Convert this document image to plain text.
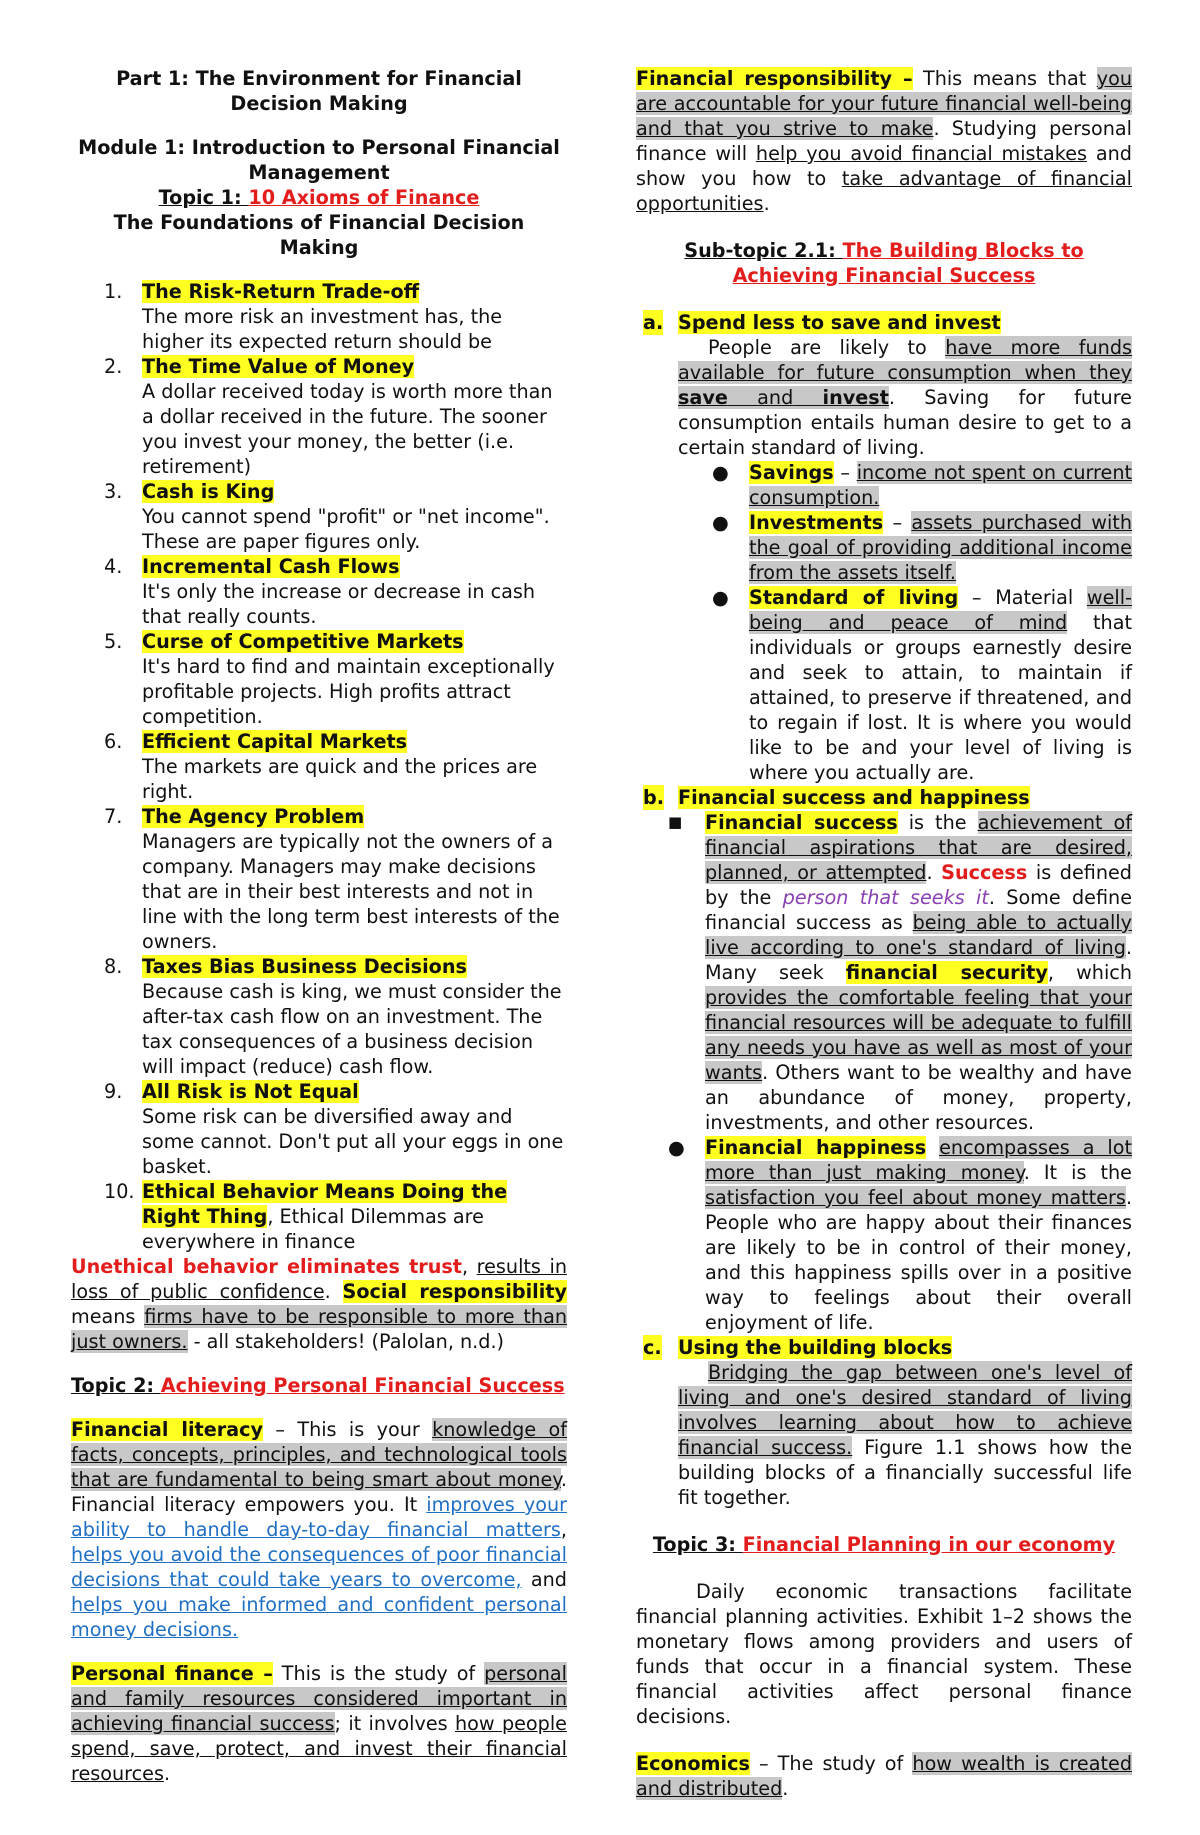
Part 1: The Environment for Financial Decision Making
Module 1: Introduction to Personal Financial Management
Topic 1: 10 Axioms of Finance
The Foundations of Financial Decision Making
1. The Risk-Return Trade-off
The more risk an investment has, the higher its expected return should be
2. The Time Value of Money
A dollar received today is worth more than a dollar received in the future. The sooner you invest your money, the better (i.e. retirement)
3. Cash is King
You cannot spend "profit" or "net income". These are paper figures only.
4. Incremental Cash Flows
It's only the increase or decrease in cash that really counts.
5. Curse of Competitive Markets
It's hard to find and maintain exceptionally profitable projects. High profits attract competition.
6. Efficient Capital Markets
The markets are quick and the prices are right.
7. The Agency Problem
Managers are typically not the owners of a company. Managers may make decisions that are in their best interests and not in line with the long term best interests of the owners.
8. Taxes Bias Business Decisions
Because cash is king, we must consider the after-tax cash flow on an investment. The tax consequences of a business decision will impact (reduce) cash flow.
9. All Risk is Not Equal
Some risk can be diversified away and some cannot. Don't put all your eggs in one basket.
10. Ethical Behavior Means Doing the Right Thing, Ethical Dilemmas are everywhere in finance
Unethical behavior eliminates trust, results in loss of public confidence. Social responsibility means firms have to be responsible to more than just owners. - all stakeholders! (Palolan, n.d.)
Topic 2: Achieving Personal Financial Success
Financial literacy – This is your knowledge of facts, concepts, principles, and technological tools that are fundamental to being smart about money. Financial literacy empowers you. It improves your ability to handle day-to-day financial matters, helps you avoid the consequences of poor financial decisions that could take years to overcome, and helps you make informed and confident personal money decisions.
Personal finance – This is the study of personal and family resources considered important in achieving financial success; it involves how people spend, save, protect, and invest their financial resources.
Financial responsibility – This means that you are accountable for your future financial well-being and that you strive to make. Studying personal finance will help you avoid financial mistakes and show you how to take advantage of financial opportunities.
Sub-topic 2.1: The Building Blocks to Achieving Financial Success
a. Spend less to save and invest
People are likely to have more funds available for future consumption when they save and invest. Saving for future consumption entails human desire to get to a certain standard of living.
● Savings – income not spent on current consumption.
● Investments – assets purchased with the goal of providing additional income from the assets itself.
● Standard of living – Material well-being and peace of mind that individuals or groups earnestly desire and seek to attain, to maintain if attained, to preserve if threatened, and to regain if lost. It is where you would like to be and your level of living is where you actually are.
b. Financial success and happiness
■ Financial success is the achievement of financial aspirations that are desired, planned, or attempted. Success is defined by the person that seeks it. Some define financial success as being able to actually live according to one's standard of living. Many seek financial security, which provides the comfortable feeling that your financial resources will be adequate to fulfill any needs you have as well as most of your wants. Others want to be wealthy and have an abundance of money, property, investments, and other resources.
● Financial happiness encompasses a lot more than just making money. It is the satisfaction you feel about money matters. People who are happy about their finances are likely to be in control of their money, and this happiness spills over in a positive way to feelings about their overall enjoyment of life.
c. Using the building blocks
Bridging the gap between one's level of living and one's desired standard of living involves learning about how to achieve financial success. Figure 1.1 shows how the building blocks of a financially successful life fit together.
Topic 3: Financial Planning in our economy
Daily economic transactions facilitate financial planning activities. Exhibit 1–2 shows the monetary flows among providers and users of funds that occur in a financial system. These financial activities affect personal finance decisions.
Economics – The study of how wealth is created and distributed.
